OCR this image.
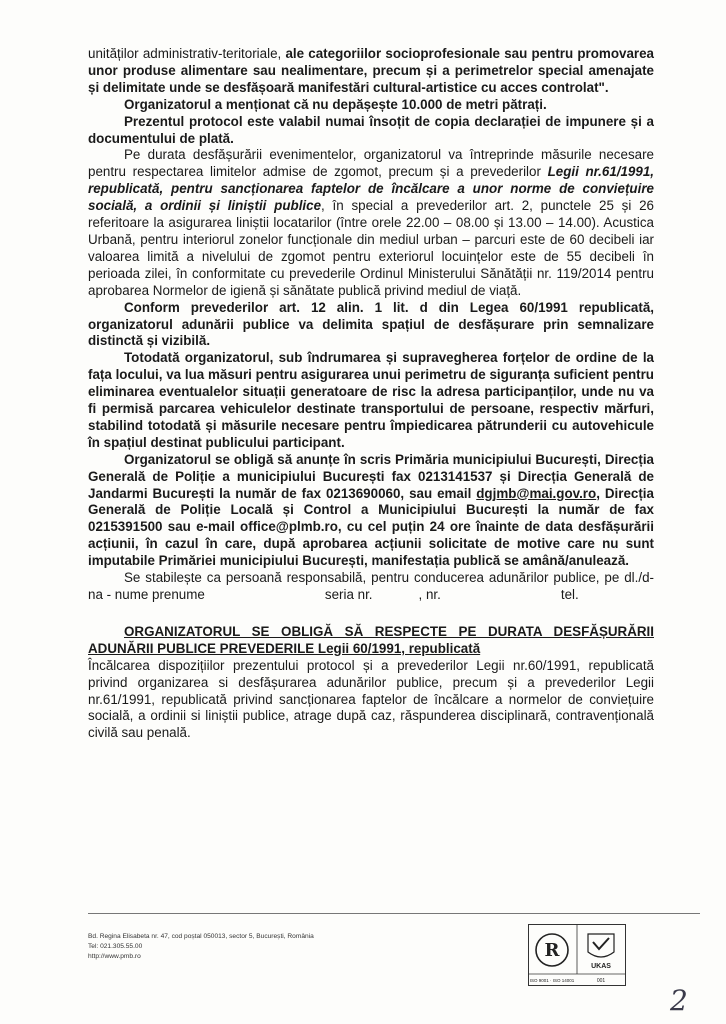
unităților administrativ-teritoriale, ale categoriilor socioprofesionale sau pentru promovarea unor produse alimentare sau nealimentare, precum și a perimetrelor special amenajate și delimitate unde se desfășoară manifestări cultural-artistice cu acces controlat".

Organizatorul a menționat că nu depășește 10.000 de metri pătrați.

Prezentul protocol este valabil numai însoțit de copia declarației de impunere și a documentului de plată.

Pe durata desfășurării evenimentelor, organizatorul va întreprinde măsurile necesare pentru respectarea limitelor admise de zgomot, precum și a prevederilor Legii nr.61/1991, republicată, pentru sancționarea faptelor de încălcare a unor norme de conviețuire socială, a ordinii și liniștii publice, în special a prevederilor art. 2, punctele 25 și 26 referitoare la asigurarea liniștii locatarilor (între orele 22.00 – 08.00 și 13.00 – 14.00). Acustica Urbană, pentru interiorul zonelor funcționale din mediul urban – parcuri este de 60 decibeli iar valoarea limită a nivelului de zgomot pentru exteriorul locuințelor este de 55 decibeli în perioada zilei, în conformitate cu prevederile Ordinul Ministerului Sănătății nr. 119/2014 pentru aprobarea Normelor de igienă și sănătate publică privind mediul de viață.

Conform prevederilor art. 12 alin. 1 lit. d din Legea 60/1991 republicată, organizatorul adunării publice va delimita spațiul de desfășurare prin semnalizare distinctă și vizibilă.

Totodată organizatorul, sub îndrumarea și supravegherea forțelor de ordine de la fața locului, va lua măsuri pentru asigurarea unui perimetru de siguranța suficient pentru eliminarea eventualelor situații generatoare de risc la adresa participanților, unde nu va fi permisă parcarea vehiculelor destinate transportului de persoane, respectiv mărfuri, stabilind totodată și măsurile necesare pentru împiedicarea pătrunderii cu autovehicule în spațiul destinat publicului participant.

Organizatorul se obligă să anunțe în scris Primăria municipiului București, Direcția Generală de Poliție a municipiului București fax 0213141537 și Direcția Generală de Jandarmi București la număr de fax 0213690060, sau email dgjmb@mai.gov.ro, Direcția Generală de Poliție Locală și Control a Municipiului București la număr de fax 0215391500 sau e-mail office@plmb.ro, cu cel puțin 24 ore înainte de data desfășurării acțiunii, în cazul în care, după aprobarea acțiunii solicitate de motive care nu sunt imputabile Primăriei municipiului București, manifestația publică se amână/anulează.

Se stabilește ca persoană responsabilă, pentru conducerea adunărilor publice, pe dl./d-na - nume prenume	seria nr.	, nr.	tel.

ORGANIZATORUL SE OBLIGĂ SĂ RESPECTE PE DURATA DESFĂȘURĂRII ADUNĂRII PUBLICE PREVEDERILE Legii 60/1991, republicată

Încălcarea dispozițiilor prezentului protocol și a prevederilor Legii nr.60/1991, republicată privind organizarea si desfășurarea adunărilor publice, precum și a prevederilor Legii nr.61/1991, republicată privind sancționarea faptelor de încălcare a normelor de conviețuire socială, a ordinii si liniștii publice, atrage după caz, răspunderea disciplinară, contravențională civilă sau penală.

Bd. Regina Elisabeta nr. 47, cod poștal 050013, sector 5, București, România
Tel: 021.305.55.00
http://www.pmb.ro	R
UKAS
ISO 9001 · ISO 14001	001
2
